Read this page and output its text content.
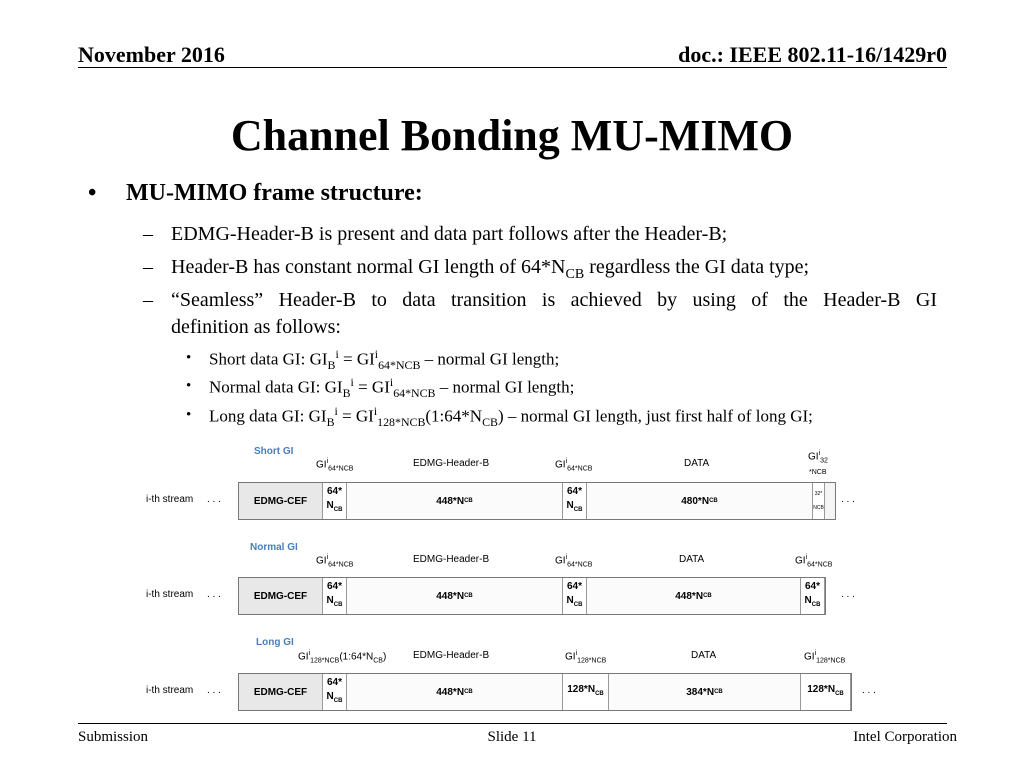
November 2016	doc.: IEEE 802.11-16/1429r0
Channel Bonding MU-MIMO
• MU-MIMO frame structure:
– EDMG-Header-B is present and data part follows after the Header-B;
– Header-B has constant normal GI length of $64*N_{CB}$ regardless the GI data type;
– “Seamless” Header-B to data transition is achieved by using of the Header-B GI
definition as follows:
• Short data GI: $GI_B^i = GI^i_{64*NCB}$ – normal GI length;
• Normal data GI: $GI_B^i = GI^i_{64*NCB}$ – normal GI length;
• Long data GI: $GI_B^i$ = $GI^i_{128*NCB}(1:64*N_{CB})$ – normal GI length, just first half of long GI;
Short GI
$GI^i_{64*NCB}$	EDMG-Header-B	$GI^i_{64*NCB}$	DATA
$GI^i_{32}$
*NCB
i-th stream . . .	EDMG-CEF
64*
$N_{CB}$
448*N CB
64*
$N_{CB}$
480*N CB
32*
NCB
. . .
Normal GI
$GI^i_{64*NCB}$	EDMG-Header-B	$GI^i_{64*NCB}$	DATA	$GI^i_{64*NCB}$
i-th stream . . .	EDMG-CEF
64*
$N_{CB}$
448*N CB
64*
$N_{CB}$
448*N CB
64*
$N_{CB}$
. . .
Long GI
$GI^i_{128*NCB}(1:64*N_{CB})$	EDMG-Header-B	$GI^i_{128*NCB}$	DATA	$GI^i_{128*NCB}$
i-th stream . . .	EDMG-CEF
64*
$N_{CB}$
448*N CB	$128*N_{CB}$	384*N CB	$128*N_{CB}$ . . .
Submission	Slide 11	Intel Corporation
